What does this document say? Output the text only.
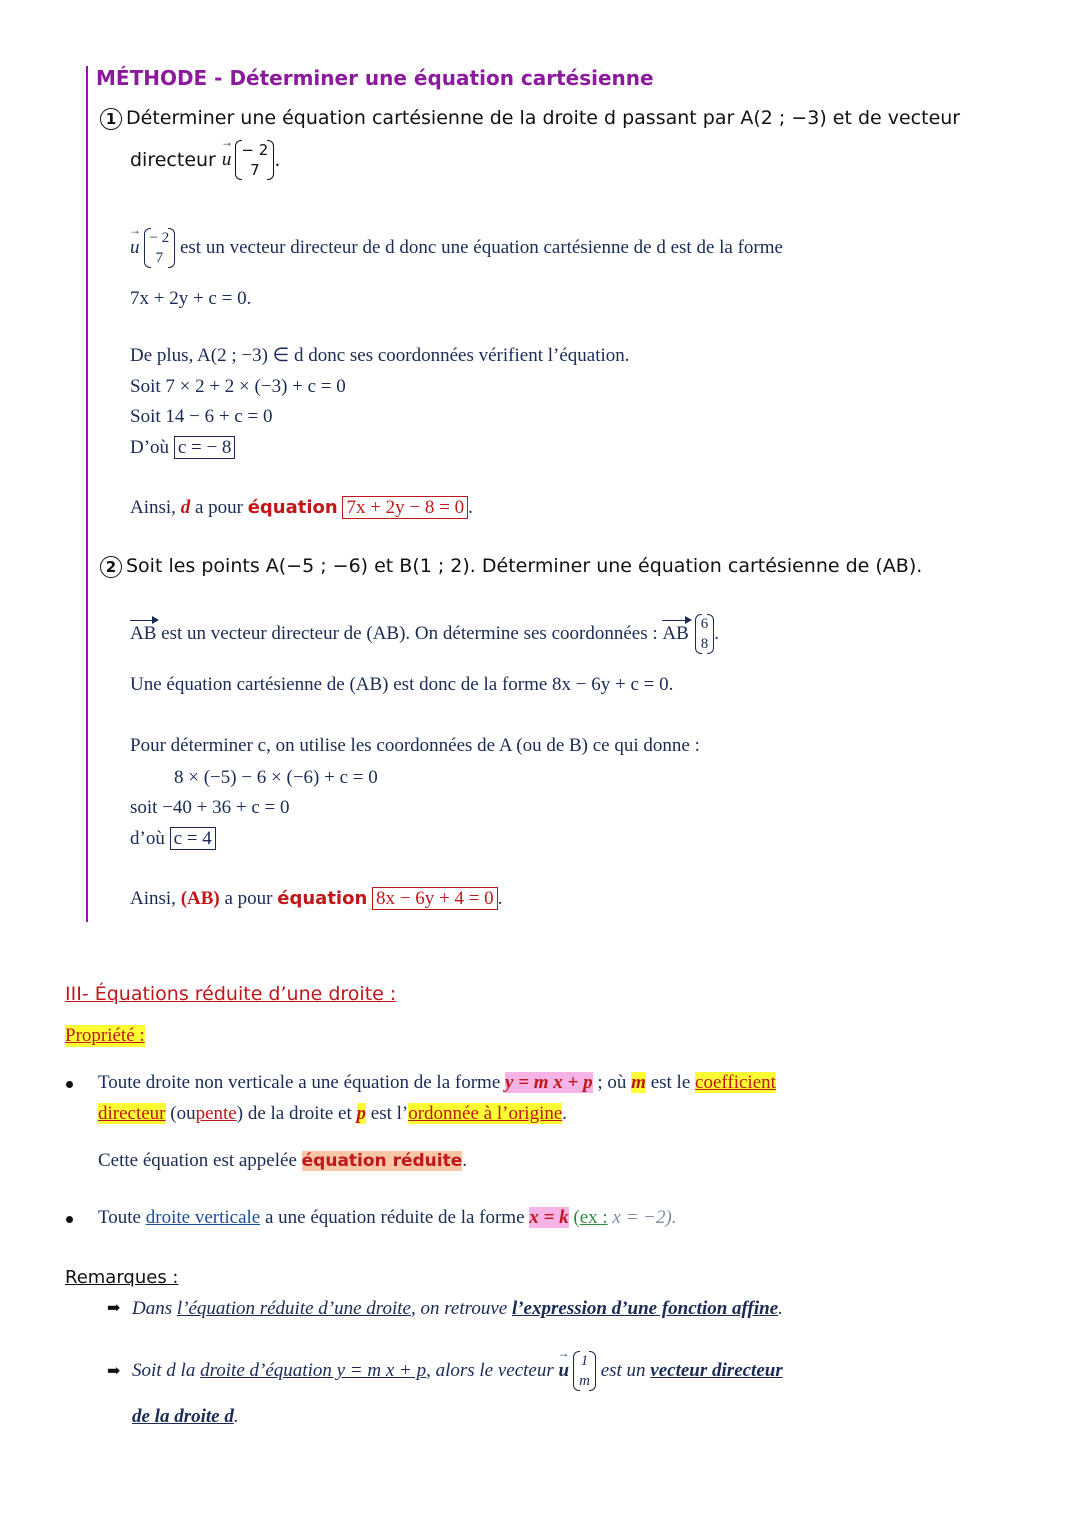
MÉTHODE - Déterminer une équation cartésienne
1 Déterminer une équation cartésienne de la droite d passant par A(2 ; −3) et de vecteur
directeur
→ u − 2
7 .
→ u − 2
7
est un vecteur directeur de d donc une équation cartésienne de d est de la forme
7x + 2y + c = 0.
De plus, A(2 ; −3) ∈ d donc ses coordonnées vérifient l’équation.
Soit 7 × 2 + 2 × (−3) + c = 0
Soit 14 − 6 + c = 0
D’où c = − 8
Ainsi, d a pour équation 7x + 2y − 8 = 0 .
2 Soit les points A(−5 ; −6) et B(1 ; 2). Déterminer une équation cartésienne de (AB).
AB
est un vecteur directeur de (AB). On détermine ses coordonnées :
AB 6
8 .
Une équation cartésienne de (AB) est donc de la forme 8x − 6y + c = 0.
Pour déterminer c, on utilise les coordonnées de A (ou de B) ce qui donne :
8 × (−5) − 6 × (−6) + c = 0
soit −40 + 36 + c = 0
d’où c = 4
Ainsi, (AB) a pour équation 8x − 6y + 4 = 0 .
III- Équations réduite d’une droite :
Propriété :
Toute droite non verticale a une équation de la forme y = m x + p ; où m est le coefficient
directeur (oupente) de la droite et p est l’ordonnée à l’origine.
Cette équation est appelée équation réduite.
Toute droite verticale a une équation réduite de la forme x = k (ex : x = −2).
Remarques :
➡ Dans l’équation réduite d’une droite, on retrouve l’expression d’une fonction affine.
➡ Soit d la
droite d’équation y = m x + p , alors le vecteur
→ u 1
m
est un
vecteur directeur
de la droite d.
